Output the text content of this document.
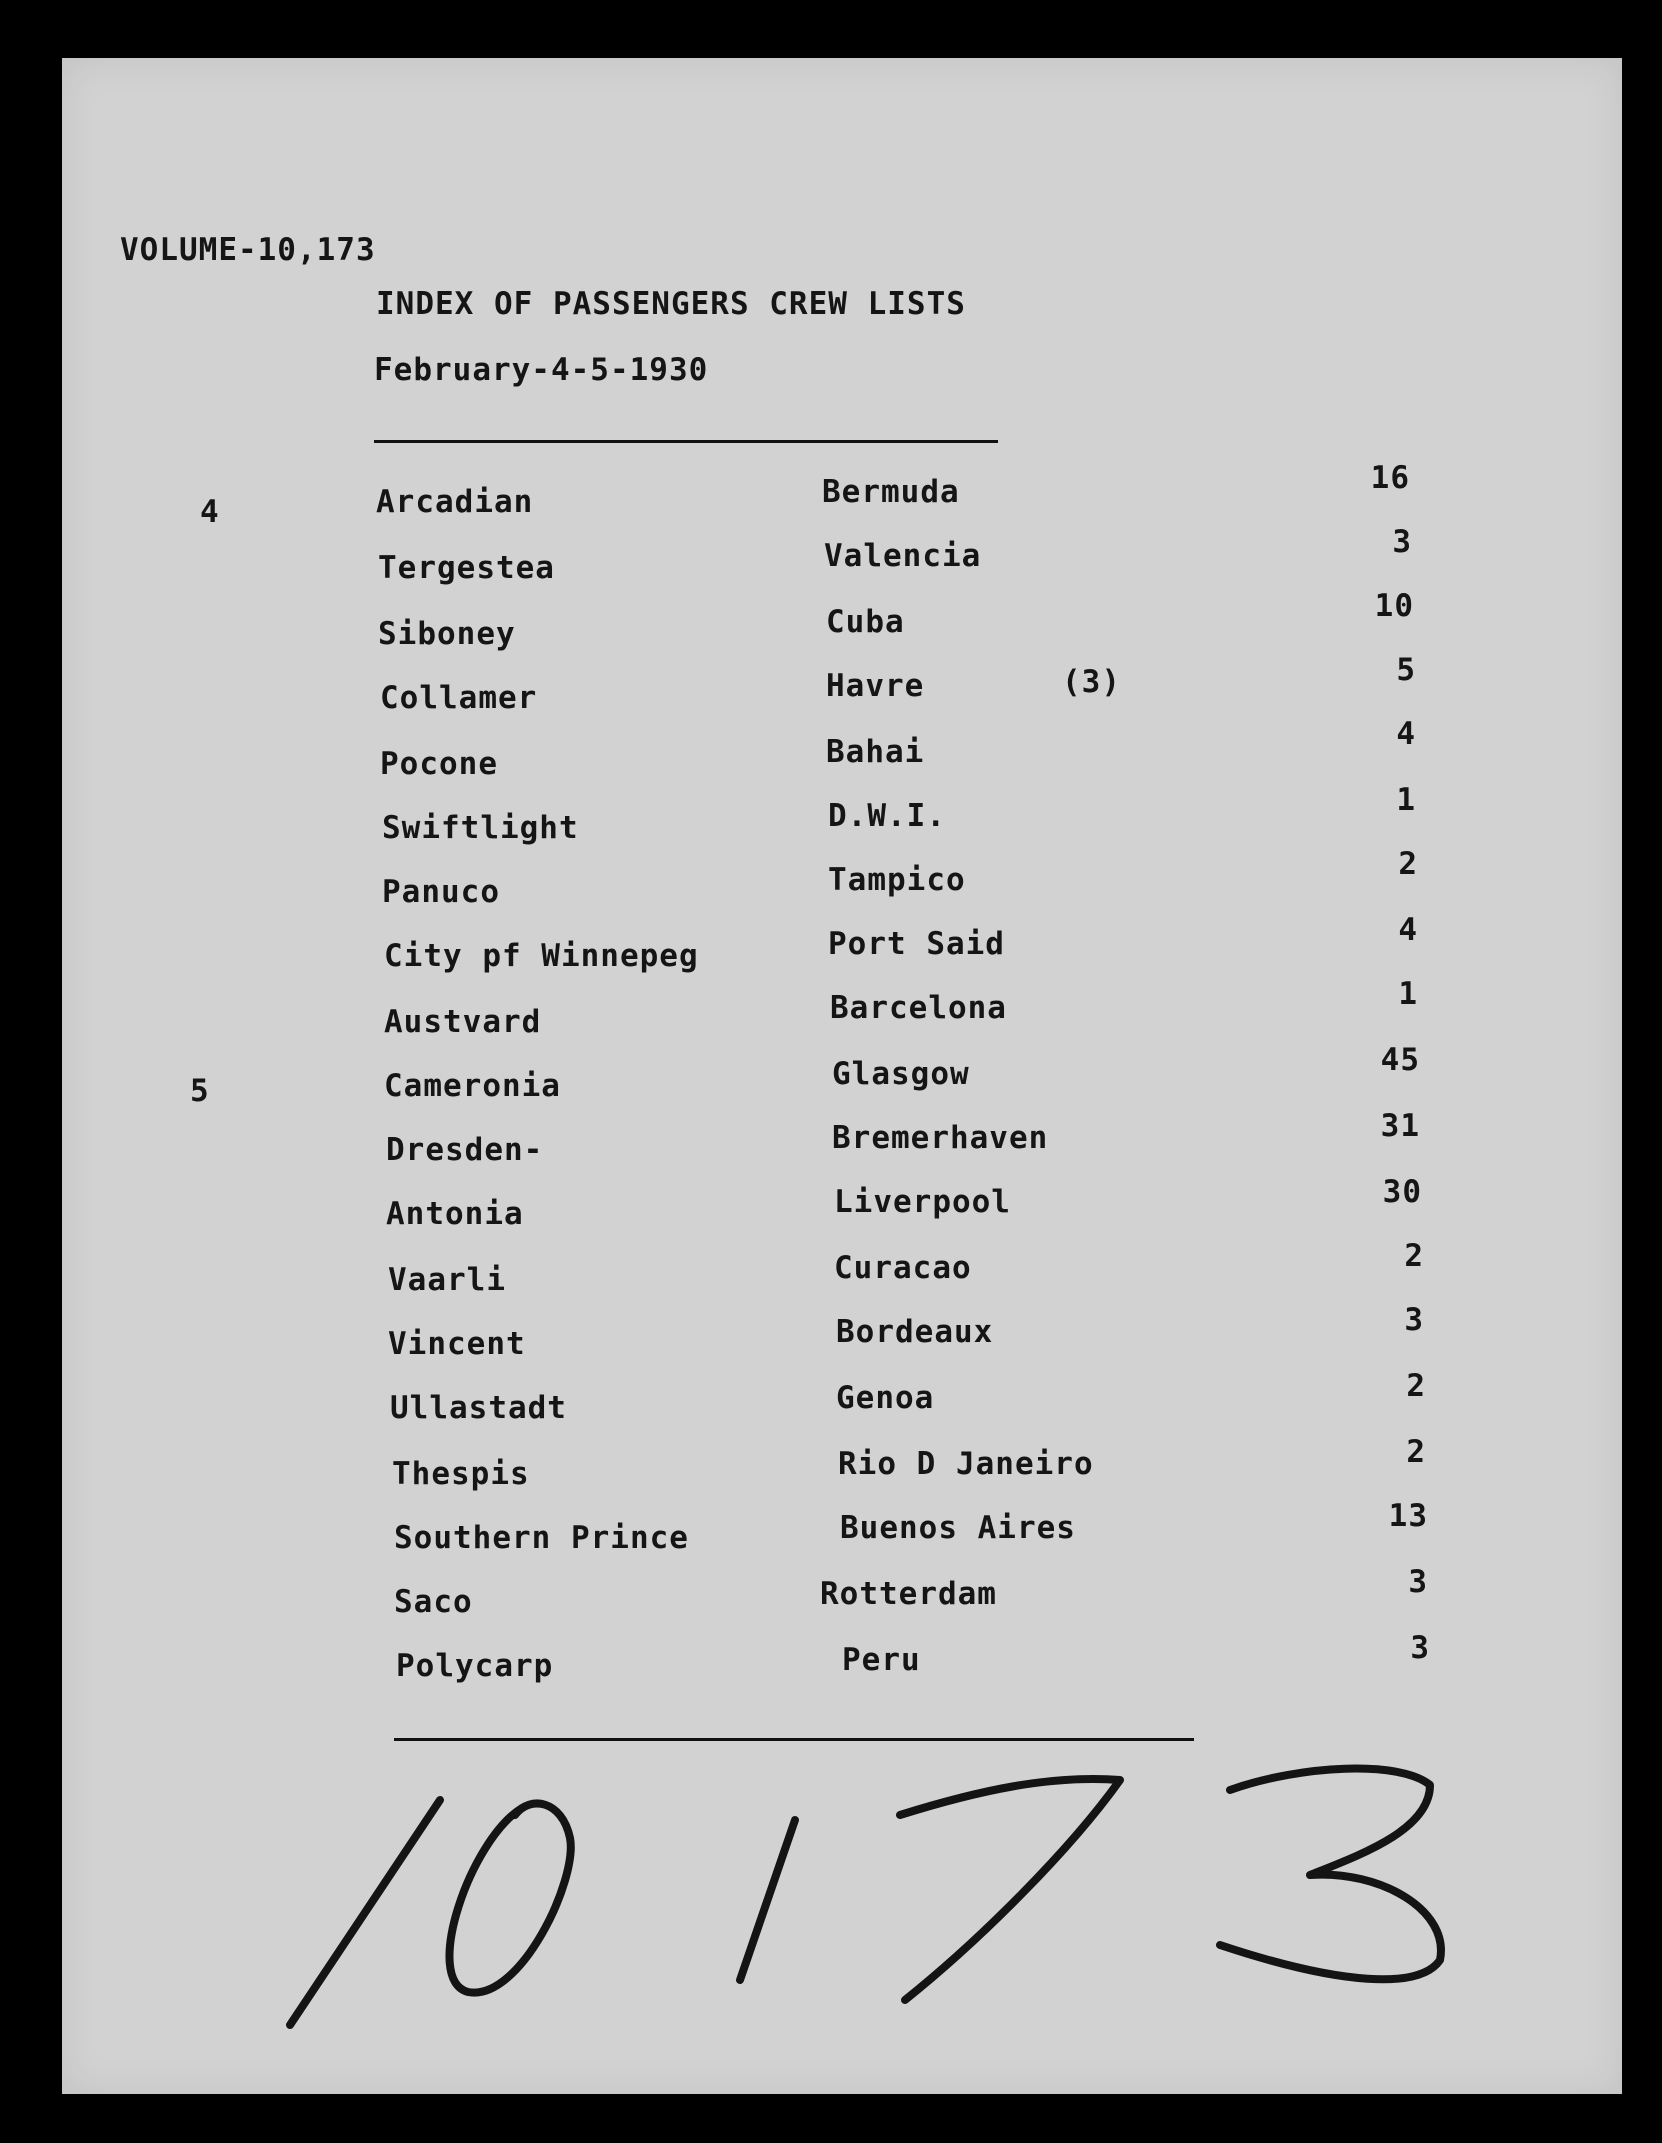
VOLUME-10,173
INDEX OF PASSENGERS CREW LISTS
February-4-5-1930
4
5
Arcadian	Bermuda	16
Tergestea	Valencia	3
Siboney	Cuba	10
Collamer	Havre	(3)	5
Pocone	Bahai	4
Swiftlight	D.W.I.	1
Panuco	Tampico	2
City pf Winnepeg	Port Said	4
Austvard	Barcelona	1
Cameronia	Glasgow	45
Dresden-	Bremerhaven	31
Antonia	Liverpool	30
Vaarli	Curacao	2
Vincent	Bordeaux	3
Ullastadt	Genoa	2
Thespis	Rio D Janeiro	2
Southern Prince	Buenos Aires	13
Saco	Rotterdam	3
Polycarp	Peru	3
